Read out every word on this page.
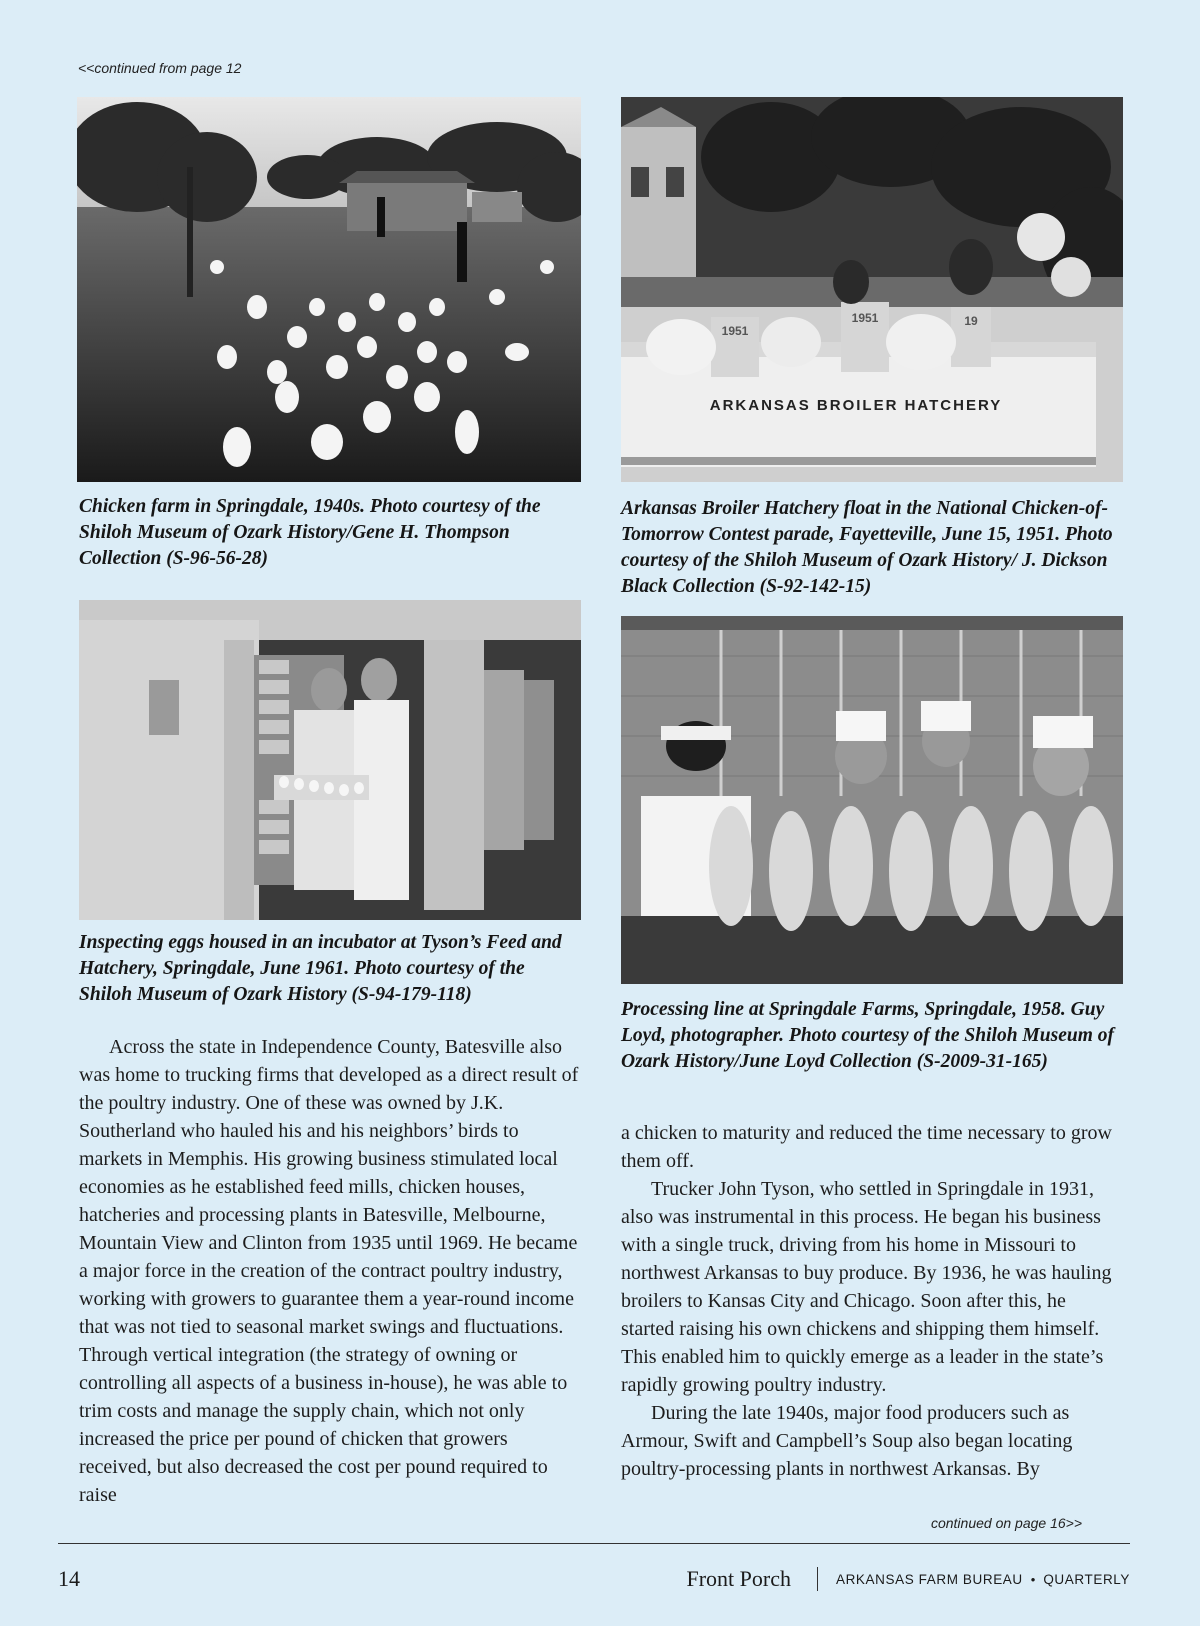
<<continued from page 12
Chicken farm in Springdale, 1940s. Photo courtesy of the Shiloh Museum of Ozark History/Gene H. Thompson Collection (S-96-56-28)
1951
1951	19
ARKANSAS BROILER HATCHERY
Arkansas Broiler Hatchery float in the National Chicken-of-Tomorrow Contest parade, Fayetteville, June 15, 1951. Photo courtesy of the Shiloh Museum of Ozark History/ J. Dickson Black Collection (S-92-142-15)
Inspecting eggs housed in an incubator at Tyson’s Feed and Hatchery, Springdale, June 1961. Photo courtesy of the Shiloh Museum of Ozark History (S-94-179-118)
Processing line at Springdale Farms, Springdale, 1958. Guy Loyd, photographer. Photo courtesy of the Shiloh Museum of Ozark History/June Loyd Collection (S-2009-31-165)

Across the state in Independence County, Batesville also was home to trucking firms that developed as a direct result of the poultry industry. One of these was owned by J.K. Southerland who hauled his and his neighbors’ birds to markets in Memphis. His growing business stimulated local economies as he established feed mills, chicken houses, hatcheries and processing plants in Batesville, Melbourne, Mountain View and Clinton from 1935 until 1969. He became a major force in the creation of the contract poultry industry, working with growers to guarantee them a year-round income that was not tied to seasonal market swings and fluctuations. Through vertical integration (the strategy of owning or controlling all aspects of a business in-house), he was able to trim costs and manage the supply chain, which not only increased the price per pound of chicken that growers received, but also decreased the cost per pound required to raise

a chicken to maturity and reduced the time necessary to grow them off.

Trucker John Tyson, who settled in Springdale in 1931, also was instrumental in this process. He began his business with a single truck, driving from his home in Missouri to northwest Arkansas to buy produce. By 1936, he was hauling broilers to Kansas City and Chicago. Soon after this, he started raising his own chickens and shipping them himself. This enabled him to quickly emerge as a leader in the state’s rapidly growing poultry industry.

During the late 1940s, major food producers such as Armour, Swift and Campbell’s Soup also began locating poultry-processing plants in northwest Arkansas. By

continued on page 16>>
14	Front Porch	ARKANSAS FARM BUREAU • QUARTERLY
